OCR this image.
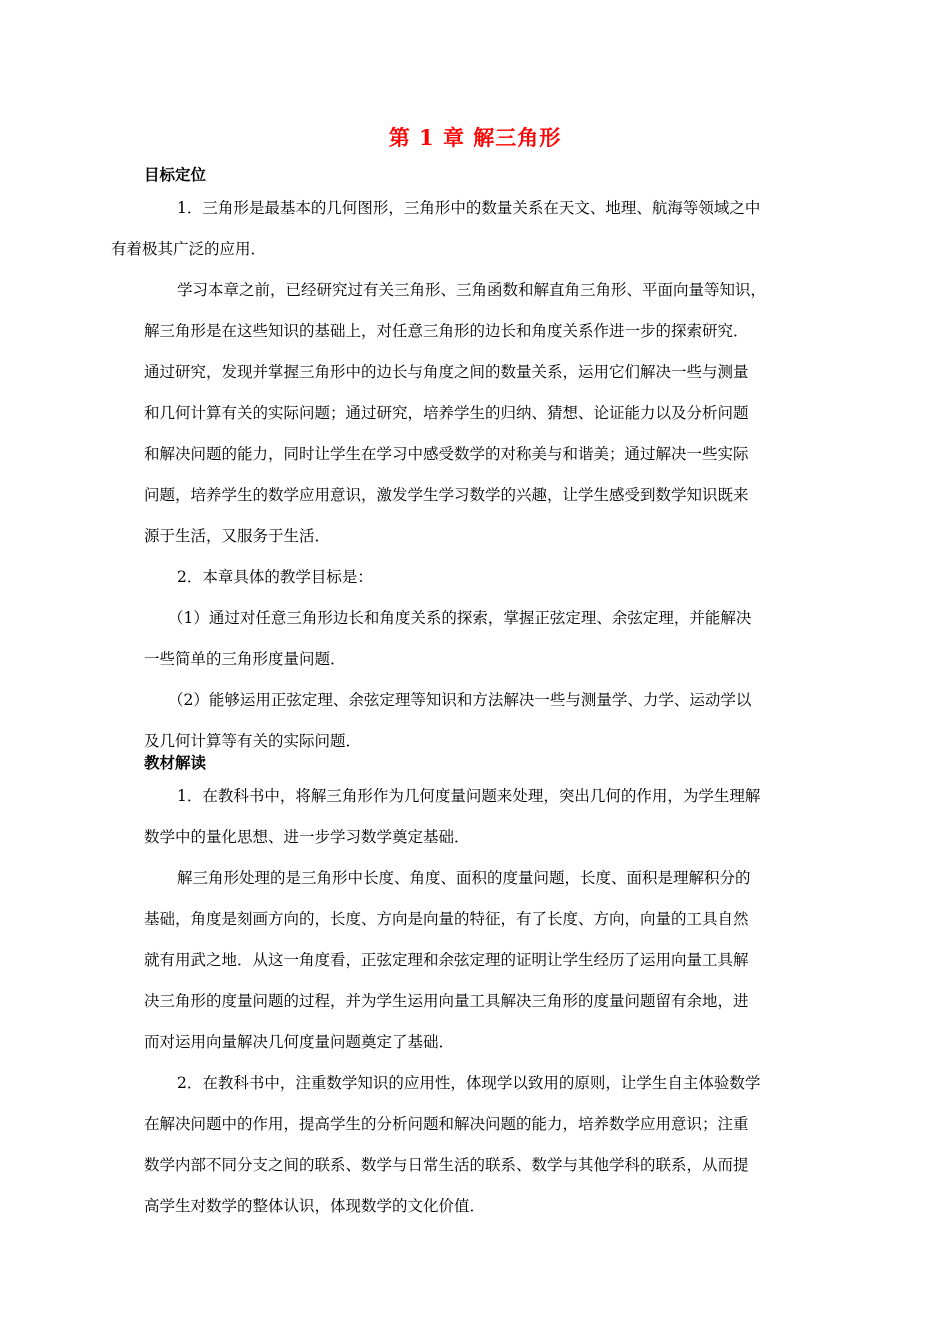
第 1 章 解三角形
目标定位
1．三角形是最基本的几何图形，三角形中的数量关系在天文、地理、航海等领域之中
有着极其广泛的应用．
学习本章之前，已经研究过有关三角形、三角函数和解直角三角形、平面向量等知识，
解三角形是在这些知识的基础上，对任意三角形的边长和角度关系作进一步的探索研究．
通过研究，发现并掌握三角形中的边长与角度之间的数量关系，运用它们解决一些与测量
和几何计算有关的实际问题；通过研究，培养学生的归纳、猜想、论证能力以及分析问题
和解决问题的能力，同时让学生在学习中感受数学的对称美与和谐美；通过解决一些实际
问题，培养学生的数学应用意识，激发学生学习数学的兴趣，让学生感受到数学知识既来
源于生活，又服务于生活．
2．本章具体的教学目标是：
（1）通过对任意三角形边长和角度关系的探索，掌握正弦定理、余弦定理，并能解决
一些简单的三角形度量问题．
（2）能够运用正弦定理、余弦定理等知识和方法解决一些与测量学、力学、运动学以
及几何计算等有关的实际问题．
教材解读
1．在教科书中，将解三角形作为几何度量问题来处理，突出几何的作用，为学生理解
数学中的量化思想、进一步学习数学奠定基础．
解三角形处理的是三角形中长度、角度、面积的度量问题，长度、面积是理解积分的
基础，角度是刻画方向的，长度、方向是向量的特征，有了长度、方向，向量的工具自然
就有用武之地．从这一角度看，正弦定理和余弦定理的证明让学生经历了运用向量工具解
决三角形的度量问题的过程，并为学生运用向量工具解决三角形的度量问题留有余地，进
而对运用向量解决几何度量问题奠定了基础．
2．在教科书中，注重数学知识的应用性，体现学以致用的原则，让学生自主体验数学
在解决问题中的作用，提高学生的分析问题和解决问题的能力，培养数学应用意识；注重
数学内部不同分支之间的联系、数学与日常生活的联系、数学与其他学科的联系，从而提
高学生对数学的整体认识，体现数学的文化价值．
